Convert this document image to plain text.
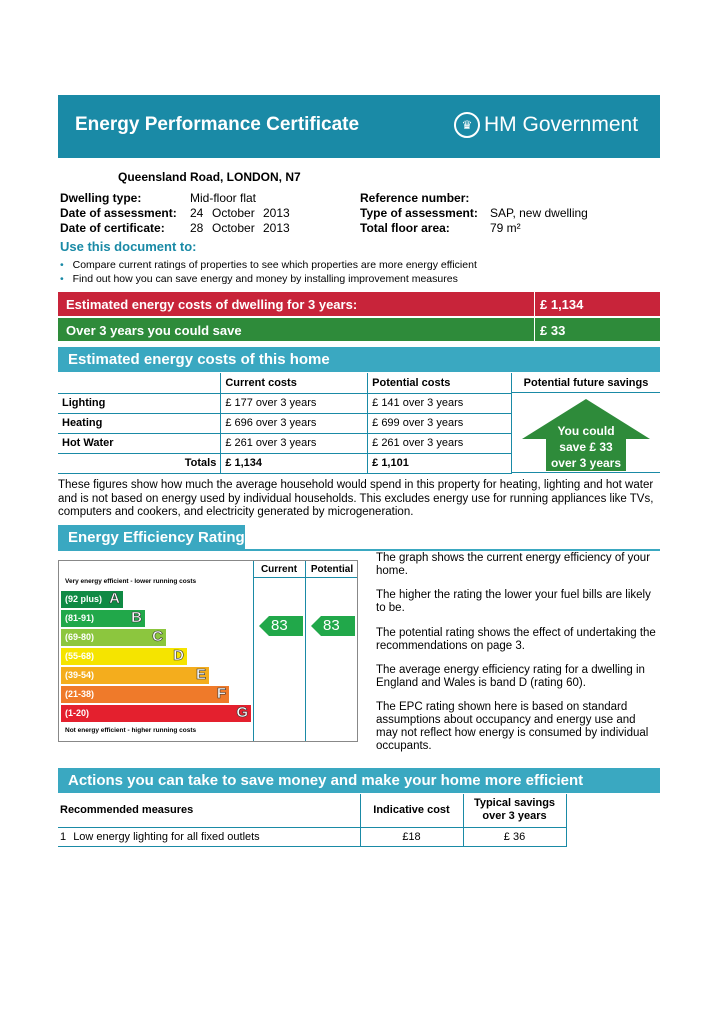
Energy Performance Certificate	♛ HM Government
Queensland Road, LONDON, N7
Dwelling type:	Mid-floor flat
Date of assessment: 24 October 2013
Date of certificate: 28 October 2013
Reference number:
Type of assessment: SAP, new dwelling
Total floor area:	79 m²
Use this document to:
• Compare current ratings of properties to see which properties are more energy efficient
• Find out how you can save energy and money by installing improvement measures
Estimated energy costs of dwelling for 3 years:	£ 1,134
Over 3 years you could save	£ 33
Estimated energy costs of this home
	Current costs	Potential costs
Lighting	£ 177 over 3 years	£ 141 over 3 years
Heating	£ 696 over 3 years	£ 699 over 3 years
Hot Water	£ 261 over 3 years	£ 261 over 3 years
Totals	£ 1,134	£ 1,101
Potential future savings
You could
save £ 33
over 3 years
These figures show how much the average household would spend in this property for heating, lighting and hot water and is not based on energy used by individual households. This excludes energy use for running appliances like TVs, computers and cookers, and electricity generated by microgeneration.
Energy Efficiency Rating
Current	Potential
Very energy efficient - lower running costs
(92 plus) A
(81-91) B
(69-80)	C
(55-68)	D
(39-54)	E
(21-38)	F
(1-20)	G
Not energy efficient - higher running costs
83 83
The graph shows the current energy efficiency of your home.
The higher the rating the lower your fuel bills are likely to be.
The potential rating shows the effect of undertaking the recommendations on page 3.
The average energy efficiency rating for a dwelling in England and Wales is band D (rating 60).
The EPC rating shown here is based on standard assumptions about occupancy and energy use and may not reflect how energy is consumed by individual occupants.
Actions you can take to save money and make your home more efficient
Recommended measures	Indicative cost	Typical savings
over 3 years

1 Low energy lighting for all fixed outlets	£18	£ 36
